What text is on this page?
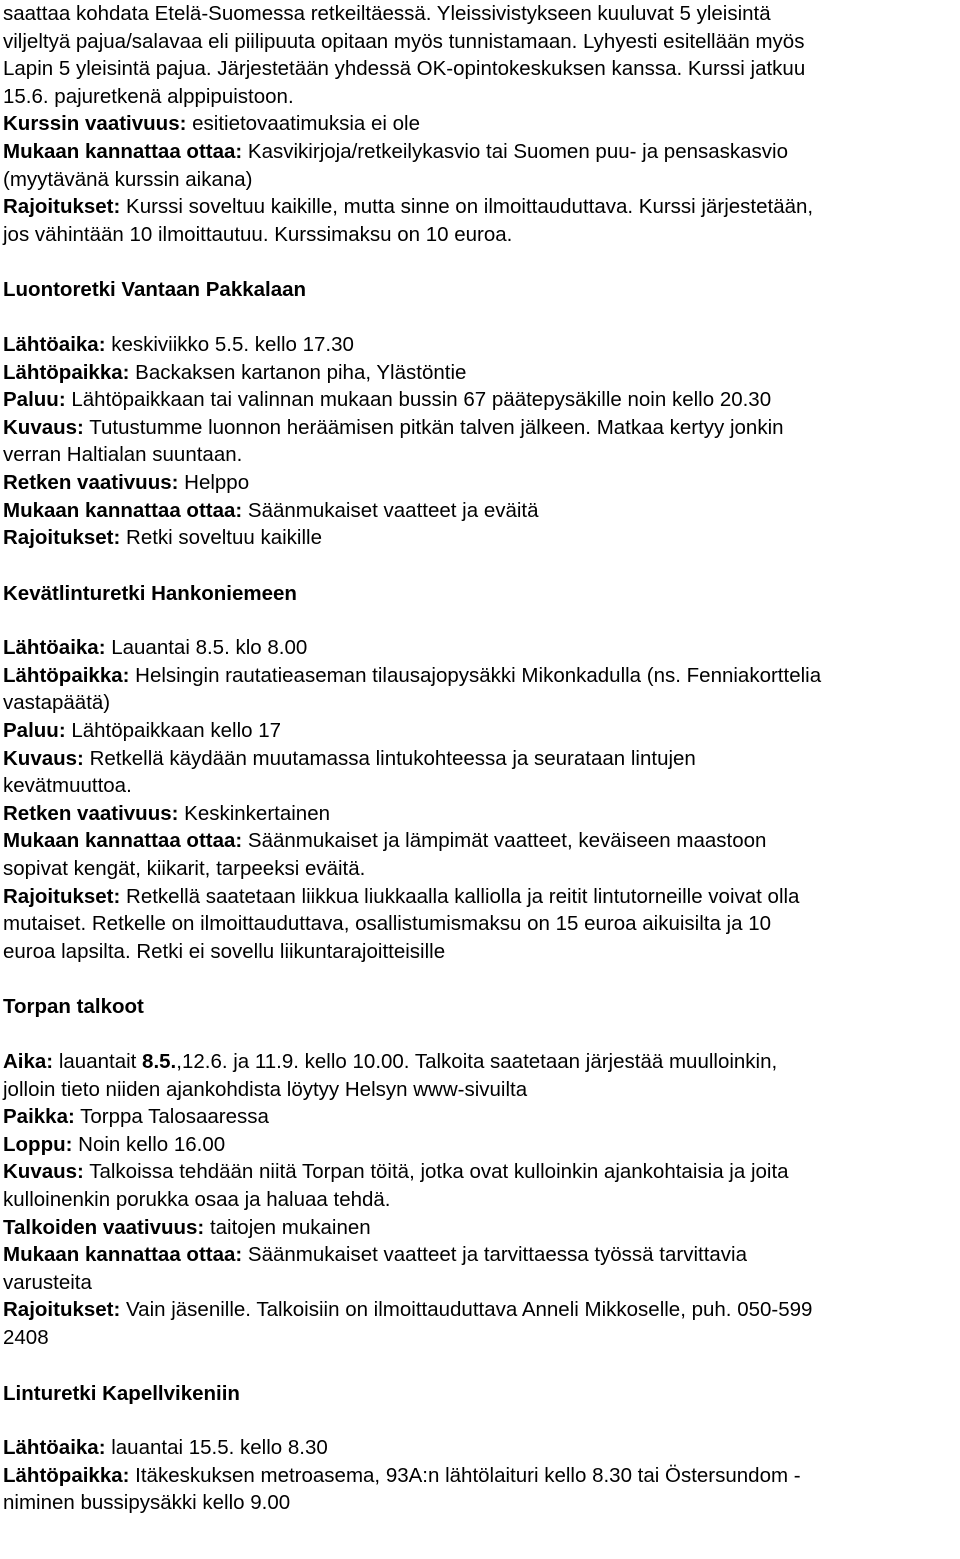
saattaa kohdata Etelä-Suomessa retkeiltäessä. Yleissivistykseen kuuluvat 5 yleisintä
viljeltyä pajua/salavaa eli piilipuuta opitaan myös tunnistamaan. Lyhyesti esitellään myös
Lapin 5 yleisintä pajua. Järjestetään yhdessä OK-opintokeskuksen kanssa. Kurssi jatkuu
15.6. pajuretkenä alppipuistoon.
Kurssin vaativuus: esitietovaatimuksia ei ole
Mukaan kannattaa ottaa: Kasvikirjoja/retkeilykasvio tai Suomen puu- ja pensaskasvio
(myytävänä kurssin aikana)
Rajoitukset: Kurssi soveltuu kaikille, mutta sinne on ilmoittauduttava. Kurssi järjestetään,
jos vähintään 10 ilmoittautuu. Kurssimaksu on 10 euroa.
Luontoretki Vantaan Pakkalaan
Lähtöaika: keskiviikko 5.5. kello 17.30
Lähtöpaikka: Backaksen kartanon piha, Ylästöntie
Paluu: Lähtöpaikkaan tai valinnan mukaan bussin 67 päätepysäkille noin kello 20.30
Kuvaus: Tutustumme luonnon heräämisen pitkän talven jälkeen. Matkaa kertyy jonkin
verran Haltialan suuntaan.
Retken vaativuus: Helppo
Mukaan kannattaa ottaa: Säänmukaiset vaatteet ja eväitä
Rajoitukset: Retki soveltuu kaikille
Kevätlinturetki Hankoniemeen
Lähtöaika: Lauantai 8.5. klo 8.00
Lähtöpaikka: Helsingin rautatieaseman tilausajopysäkki Mikonkadulla (ns. Fenniakorttelia
vastapäätä)
Paluu: Lähtöpaikkaan kello 17
Kuvaus: Retkellä käydään muutamassa lintukohteessa ja seurataan lintujen
kevätmuuttoa.
Retken vaativuus: Keskinkertainen
Mukaan kannattaa ottaa: Säänmukaiset ja lämpimät vaatteet, keväiseen maastoon
sopivat kengät, kiikarit, tarpeeksi eväitä.
Rajoitukset: Retkellä saatetaan liikkua liukkaalla kalliolla ja reitit lintutorneille voivat olla
mutaiset. Retkelle on ilmoittauduttava, osallistumismaksu on 15 euroa aikuisilta ja 10
euroa lapsilta. Retki ei sovellu liikuntarajoitteisille
Torpan talkoot
Aika: lauantait 8.5.,12.6. ja 11.9. kello 10.00. Talkoita saatetaan järjestää muulloinkin,
jolloin tieto niiden ajankohdista löytyy Helsyn www-sivuilta
Paikka: Torppa Talosaaressa
Loppu: Noin kello 16.00
Kuvaus: Talkoissa tehdään niitä Torpan töitä, jotka ovat kulloinkin ajankohtaisia ja joita
kulloinenkin porukka osaa ja haluaa tehdä.
Talkoiden vaativuus: taitojen mukainen
Mukaan kannattaa ottaa: Säänmukaiset vaatteet ja tarvittaessa työssä tarvittavia
varusteita
Rajoitukset: Vain jäsenille. Talkoisiin on ilmoittauduttava Anneli Mikkoselle, puh. 050-599
2408
Linturetki Kapellvikeniin
Lähtöaika: lauantai 15.5. kello 8.30
Lähtöpaikka: Itäkeskuksen metroasema, 93A:n lähtölaituri kello 8.30 tai Östersundom -
niminen bussipysäkki kello 9.00
